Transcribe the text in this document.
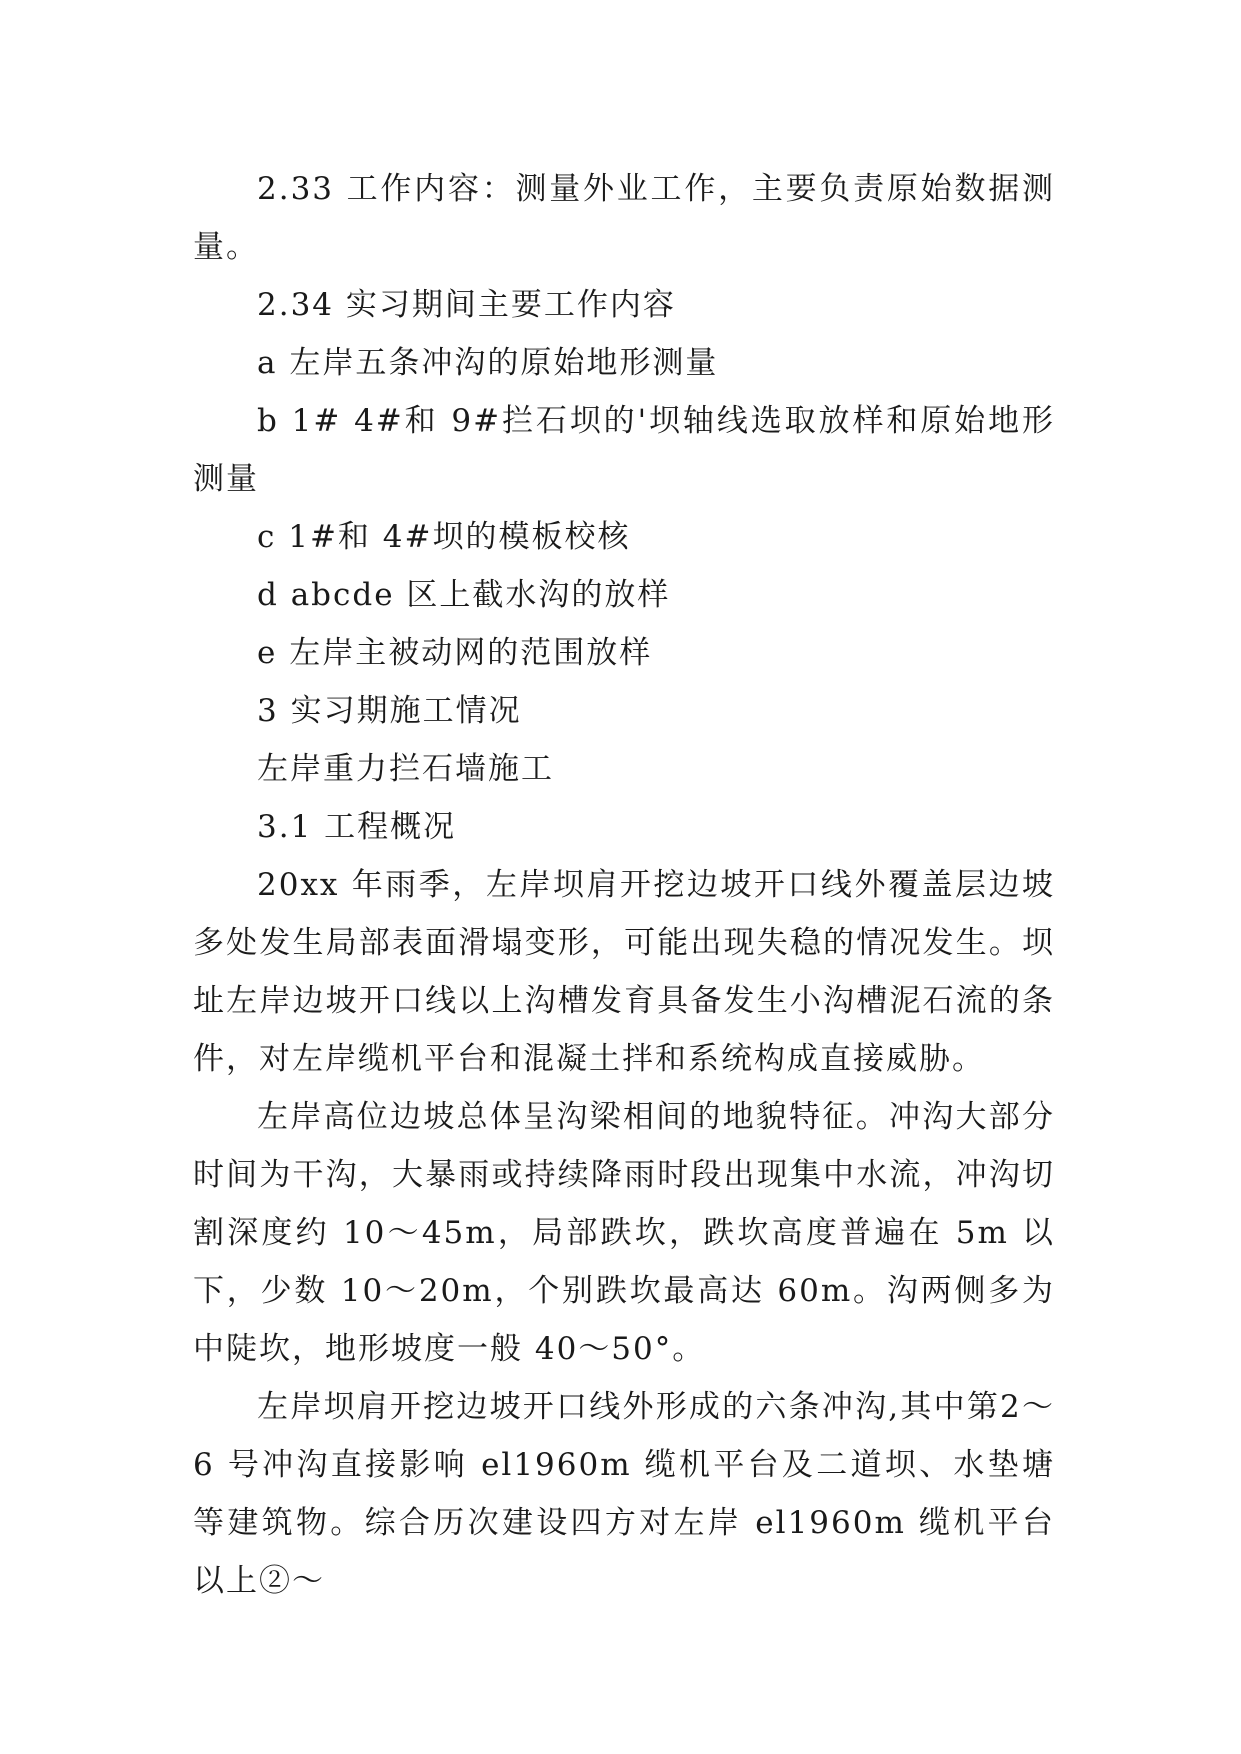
2.33 工作内容：测量外业工作，主要负责原始数据测量。

2.34 实习期间主要工作内容

a 左岸五条冲沟的原始地形测量

b 1# 4#和 9#拦石坝的'坝轴线选取放样和原始地形测量

c 1#和 4#坝的模板校核

d abcde 区上截水沟的放样

e 左岸主被动网的范围放样

3 实习期施工情况

左岸重力拦石墙施工

3.1 工程概况

20xx 年雨季，左岸坝肩开挖边坡开口线外覆盖层边坡多处发生局部表面滑塌变形，可能出现失稳的情况发生。坝址左岸边坡开口线以上沟槽发育具备发生小沟槽泥石流的条件，对左岸缆机平台和混凝土拌和系统构成直接威胁。

左岸高位边坡总体呈沟梁相间的地貌特征。冲沟大部分时间为干沟，大暴雨或持续降雨时段出现集中水流，冲沟切割深度约 10～45m，局部跌坎，跌坎高度普遍在 5m 以下，少数 10～20m，个别跌坎最高达 60m。沟两侧多为中陡坎，地形坡度一般 40～50°。

左岸坝肩开挖边坡开口线外形成的六条冲沟,其中第2～6 号冲沟直接影响 el1960m 缆机平台及二道坝、水垫塘等建筑物。综合历次建设四方对左岸 el1960m 缆机平台以上②～
